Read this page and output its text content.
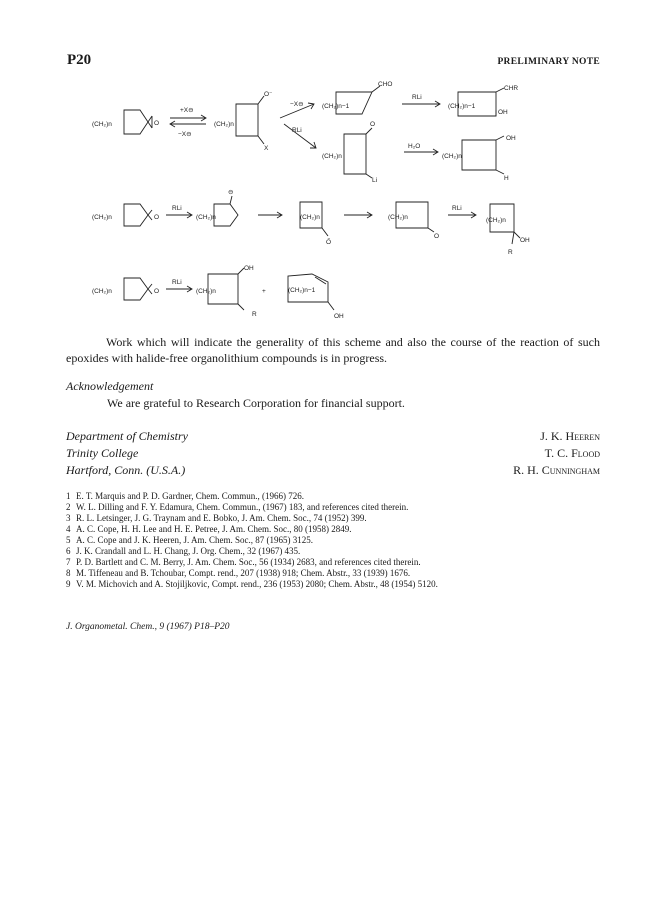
P20	PRELIMINARY NOTE
(CH₂)n	O
+X⊖
−X⊖
(CH₂)n
O⁻
X
−X⊖
RLi
(CH₂)n−1
CHO
RLi
(CH₂)n−1
CHR
OH
(CH₂)n
O
Li
H₂O
(CH₂)n
OH
H
(CH₂)n	O
RLi
(CH₂)n
⊖
(CH₂)n
Ő
(CH₂)n
O
RLi
(CH₂)n
OH
R
(CH₂)n	O
RLi
(CH₂)n
OH
R
+	(CH₂)n−1
OH
Work which will indicate the generality of this scheme and also the course of the reaction of such epoxides with halide-free organolithium compounds is in progress.
Acknowledgement
We are grateful to Research Corporation for financial support.
Department of Chemistry
Trinity College
Hartford, Conn. (U.S.A.)
J. K. Heeren
T. C. Flood
R. H. Cunningham
1 E. T. Marquis and P. D. Gardner, Chem. Commun., (1966) 726.
2 W. L. Dilling and F. Y. Edamura, Chem. Commun., (1967) 183, and references cited therein.
3 R. L. Letsinger, J. G. Traynam and E. Bobko, J. Am. Chem. Soc., 74 (1952) 399.
4 A. C. Cope, H. H. Lee and H. E. Petree, J. Am. Chem. Soc., 80 (1958) 2849.
5 A. C. Cope and J. K. Heeren, J. Am. Chem. Soc., 87 (1965) 3125.
6 J. K. Crandall and L. H. Chang, J. Org. Chem., 32 (1967) 435.
7 P. D. Bartlett and C. M. Berry, J. Am. Chem. Soc., 56 (1934) 2683, and references cited therein.
8 M. Tiffeneau and B. Tchoubar, Compt. rend., 207 (1938) 918; Chem. Abstr., 33 (1939) 1676.
9 V. M. Michovich and A. Stojiljkovic, Compt. rend., 236 (1953) 2080; Chem. Abstr., 48 (1954) 5120.
J. Organometal. Chem., 9 (1967) P18–P20
